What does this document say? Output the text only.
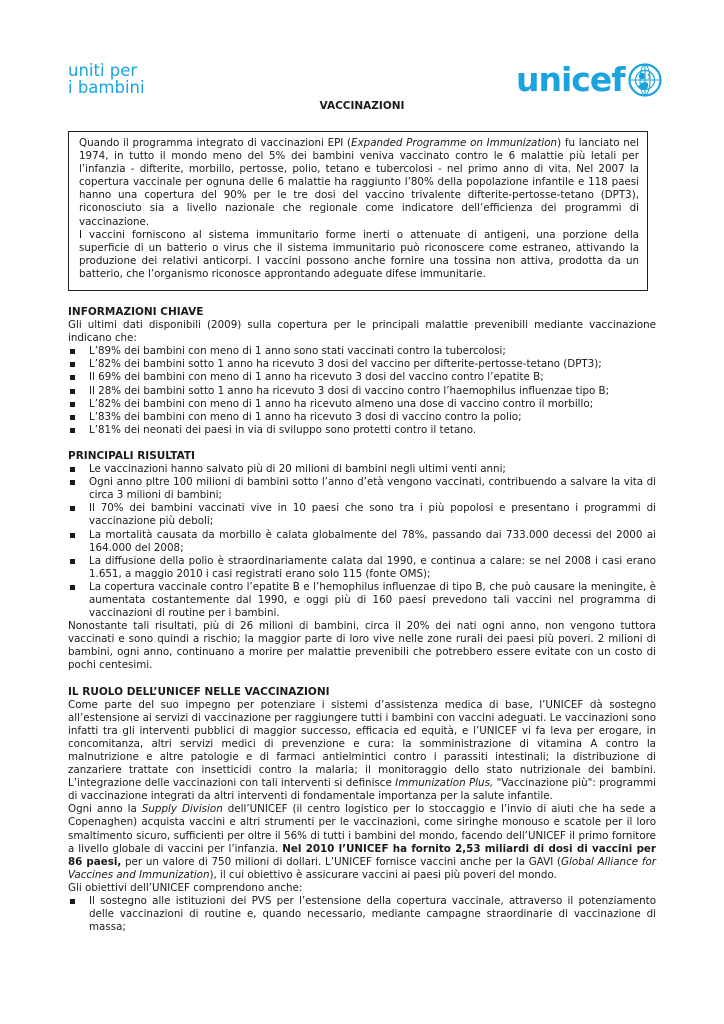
uniti per
i bambini	unicef
VACCINAZIONI

Quando il programma integrato di vaccinazioni EPI (Expanded Programme on Immunization) fu lanciato nel 1974, in tutto il mondo meno del 5% dei bambini veniva vaccinato contro le 6 malattie più letali per l’infanzia - difterite, morbillo, pertosse, polio, tetano e tubercolosi - nel primo anno di vita. Nel 2007 la copertura vaccinale per ognuna delle 6 malattie ha raggiunto l’80% della popolazione infantile e 118 paesi hanno una copertura del 90% per le tre dosi del vaccino trivalente difterite-pertosse-tetano (DPT3), riconosciuto sia a livello nazionale che regionale come indicatore dell’efficienza dei programmi di vaccinazione.

I vaccini forniscono al sistema immunitario forme inerti o attenuate di antigeni, una porzione della superficie di un batterio o virus che il sistema immunitario può riconoscere come estraneo, attivando la produzione dei relativi anticorpi. I vaccini possono anche fornire una tossina non attiva, prodotta da un batterio, che l’organismo riconosce approntando adeguate difese immunitarie.

INFORMAZIONI CHIAVE

Gli ultimi dati disponibili (2009) sulla copertura per le principali malattie prevenibili mediante vaccinazione indicano che:

L’89% dei bambini con meno di 1 anno sono stati vaccinati contro la tubercolosi;
L’82% dei bambini sotto 1 anno ha ricevuto 3 dosi del vaccino per difterite-pertosse-tetano (DPT3);
Il 69% dei bambini con meno di 1 anno ha ricevuto 3 dosi del vaccino contro l’epatite B;
Il 28% dei bambini sotto 1 anno ha ricevuto 3 dosi di vaccino contro l’haemophilus influenzae tipo B;
L’82% dei bambini con meno di 1 anno ha ricevuto almeno una dose di vaccino contro il morbillo;
L’83% dei bambini con meno di 1 anno ha ricevuto 3 dosi di vaccino contro la polio;
L’81% dei neonati dei paesi in via di sviluppo sono protetti contro il tetano.
PRINCIPALI RISULTATI
Le vaccinazioni hanno salvato più di 20 milioni di bambini negli ultimi venti anni;
Ogni anno pltre 100 milioni di bambini sotto l’anno d’età vengono vaccinati, contribuendo a salvare la vita di circa 3 milioni di bambini;
Il 70% dei bambini vaccinati vive in 10 paesi che sono tra i più popolosi e presentano i programmi di vaccinazione più deboli;
La mortalità causata da morbillo è calata globalmente del 78%, passando dai 733.000 decessi del 2000 ai 164.000 del 2008;
La diffusione della polio è straordinariamente calata dal 1990, e continua a calare: se nel 2008 i casi erano 1.651, a maggio 2010 i casi registrati erano solo 115 (fonte OMS);
La copertura vaccinale contro l’epatite B e l’hemophilus influenzae di tipo B, che può causare la meningite, è aumentata costantemente dal 1990, e oggi più di 160 paesi prevedono tali vaccini nel programma di vaccinazioni di routine per i bambini.

Nonostante tali risultati, più di 26 milioni di bambini, circa il 20% dei nati ogni anno, non vengono tuttora vaccinati e sono quindi a rischio; la maggior parte di loro vive nelle zone rurali dei paesi più poveri. 2 milioni di bambini, ogni anno, continuano a morire per malattie prevenibili che potrebbero essere evitate con un costo di pochi centesimi.

IL RUOLO DELL’UNICEF NELLE VACCINAZIONI

Come parte del suo impegno per potenziare i sistemi d’assistenza medica di base, l’UNICEF dà sostegno all’estensione ai servizi di vaccinazione per raggiungere tutti i bambini con vaccini adeguati. Le vaccinazioni sono infatti tra gli interventi pubblici di maggior successo, efficacia ed equità, e l’UNICEF vi fa leva per erogare, in concomitanza, altri servizi medici di prevenzione e cura: la somministrazione di vitamina A contro la malnutrizione e altre patologie e di farmaci antielmintici contro i parassiti intestinali; la distribuzione di zanzariere trattate con insetticidi contro la malaria; il monitoraggio dello stato nutrizionale dei bambini. L’integrazione delle vaccinazioni con tali interventi si definisce Immunization Plus, "Vaccinazione più": programmi di vaccinazione integrati da altri interventi di fondamentale importanza per la salute infantile.

Ogni anno la Supply Division dell’UNICEF (il centro logistico per lo stoccaggio e l’invio di aiuti che ha sede a Copenaghen) acquista vaccini e altri strumenti per le vaccinazioni, come siringhe monouso e scatole per il loro smaltimento sicuro, sufficienti per oltre il 56% di tutti i bambini del mondo, facendo dell’UNICEF il primo fornitore a livello globale di vaccini per l’infanzia. Nel 2010 l’UNICEF ha fornito 2,53 miliardi di dosi di vaccini per 86 paesi, per un valore di 750 milioni di dollari. L’UNICEF fornisce vaccini anche per la GAVI (Global Alliance for Vaccines and Immunization), il cui obiettivo è assicurare vaccini ai paesi più poveri del mondo.

Gli obiettivi dell’UNICEF comprendono anche:

Il sostegno alle istituzioni dei PVS per l’estensione della copertura vaccinale, attraverso il potenziamento delle vaccinazioni di routine e, quando necessario, mediante campagne straordinarie di vaccinazione di massa;
